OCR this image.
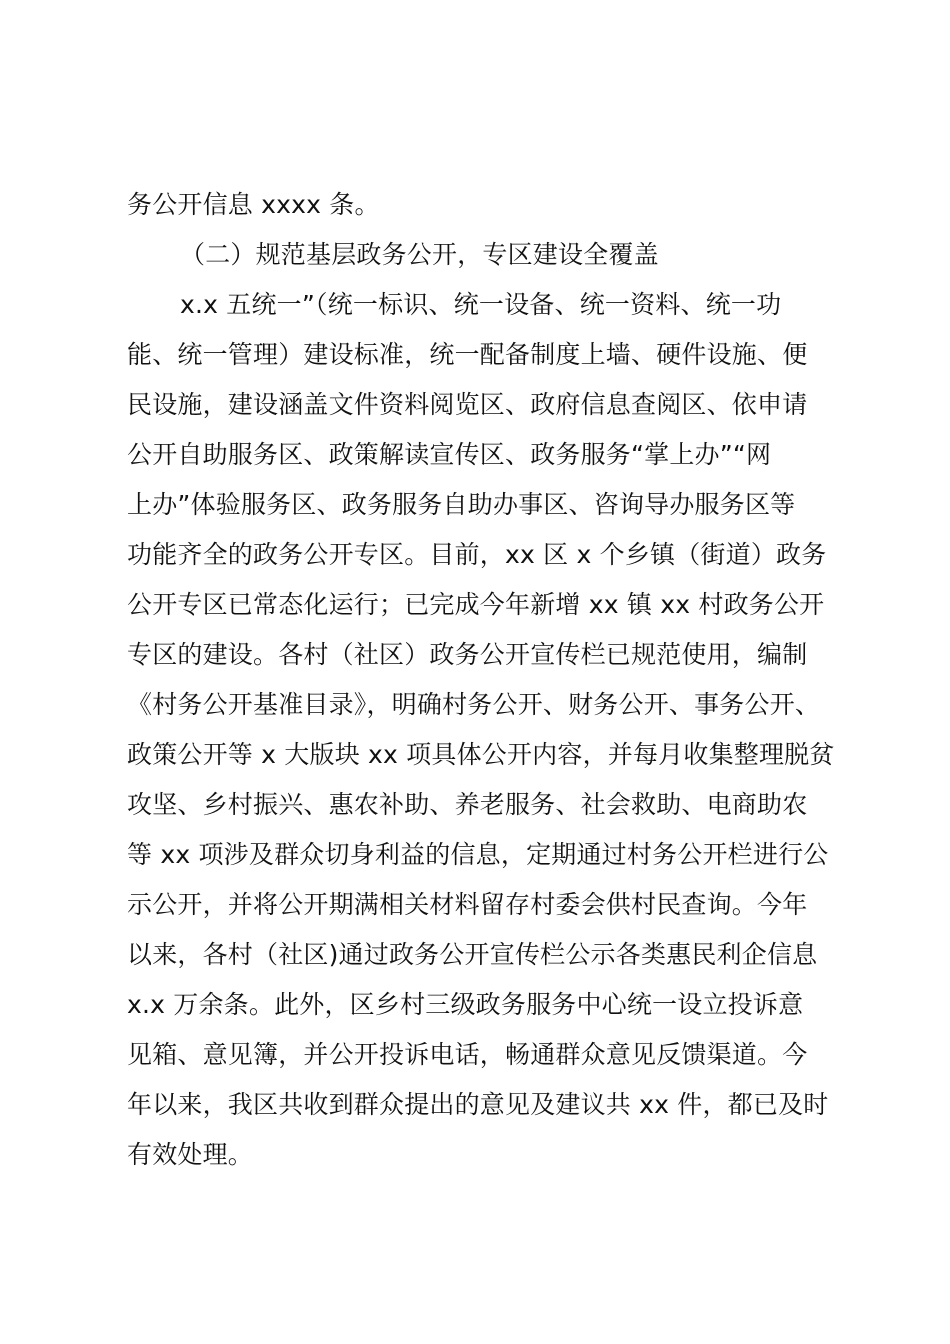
务公开信息 xxxx 条。
（二）规范基层政务公开，专区建设全覆盖
x.x 五统一”（统一标识、统一设备、统一资料、统一功
能、统一管理）建设标准，统一配备制度上墙、硬件设施、便
民设施，建设涵盖文件资料阅览区、政府信息查阅区、依申请
公开自助服务区、政策解读宣传区、政务服务“掌上办”“网
上办”体验服务区、政务服务自助办事区、咨询导办服务区等
功能齐全的政务公开专区。目前，xx 区 x 个乡镇（街道）政务
公开专区已常态化运行；已完成今年新增 xx 镇 xx 村政务公开
专区的建设。各村（社区）政务公开宣传栏已规范使用，编制
《村务公开基准目录》，明确村务公开、财务公开、事务公开、
政策公开等 x 大版块 xx 项具体公开内容，并每月收集整理脱贫
攻坚、乡村振兴、惠农补助、养老服务、社会救助、电商助农
等 xx 项涉及群众切身利益的信息，定期通过村务公开栏进行公
示公开，并将公开期满相关材料留存村委会供村民查询。今年
以来，各村（社区)通过政务公开宣传栏公示各类惠民利企信息
x.x 万余条。此外，区乡村三级政务服务中心统一设立投诉意
见箱、意见簿，并公开投诉电话，畅通群众意见反馈渠道。今
年以来，我区共收到群众提出的意见及建议共 xx 件，都已及时
有效处理。
